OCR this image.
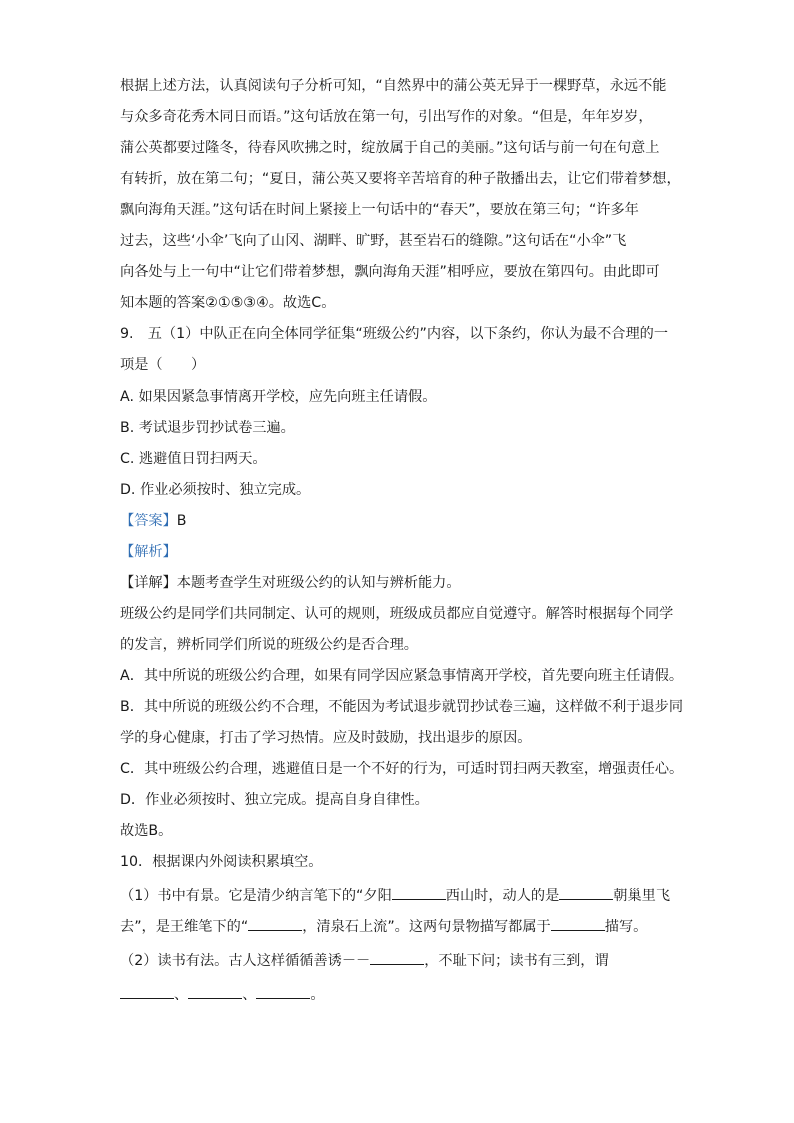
根据上述方法，认真阅读句子分析可知，“自然界中的蒲公英无异于一棵野草，永远不能
与众多奇花秀木同日而语。”这句话放在第一句，引出写作的对象。“但是，年年岁岁，
蒲公英都要过隆冬，待春风吹拂之时，绽放属于自己的美丽。”这句话与前一句在句意上
有转折，放在第二句；“夏日，蒲公英又要将辛苦培育的种子散播出去，让它们带着梦想，
飘向海角天涯。”这句话在时间上紧接上一句话中的“春天”，要放在第三句；“许多年
过去，这些‘小伞’飞向了山冈、湖畔、旷野，甚至岩石的缝隙。”这句话在“小伞”飞
向各处与上一句中“让它们带着梦想，飘向海角天涯”相呼应，要放在第四句。由此即可
知本题的答案②①⑤③④。故选C。
9.　五（1）中队正在向全体同学征集“班级公约”内容，以下条约，你认为最不合理的一
项是（　　）
A. 如果因紧急事情离开学校，应先向班主任请假。
B. 考试退步罚抄试卷三遍。
C. 逃避值日罚扫两天。
D. 作业必须按时、独立完成。
【答案】B
【解析】
【详解】本题考查学生对班级公约的认知与辨析能力。
班级公约是同学们共同制定、认可的规则，班级成员都应自觉遵守。解答时根据每个同学
的发言，辨析同学们所说的班级公约是否合理。
A．其中所说的班级公约合理，如果有同学因应紧急事情离开学校，首先要向班主任请假。
B．其中所说的班级公约不合理，不能因为考试退步就罚抄试卷三遍，这样做不利于退步同
学的身心健康，打击了学习热情。应及时鼓励，找出退步的原因。
C．其中班级公约合理，逃避值日是一个不好的行为，可适时罚扫两天教室，增强责任心。
D．作业必须按时、独立完成。提高自身自律性。
故选B。
10．根据课内外阅读积累填空。
（1）书中有景。它是清少纳言笔下的“夕阳	西山时，动人的是	朝巢里飞
去”，是王维笔下的“	，清泉石上流”。这两句景物描写都属于	描写。
（2）读书有法。古人这样循循善诱－－	，不耻下问；读书有三到，谓
、	、	。
